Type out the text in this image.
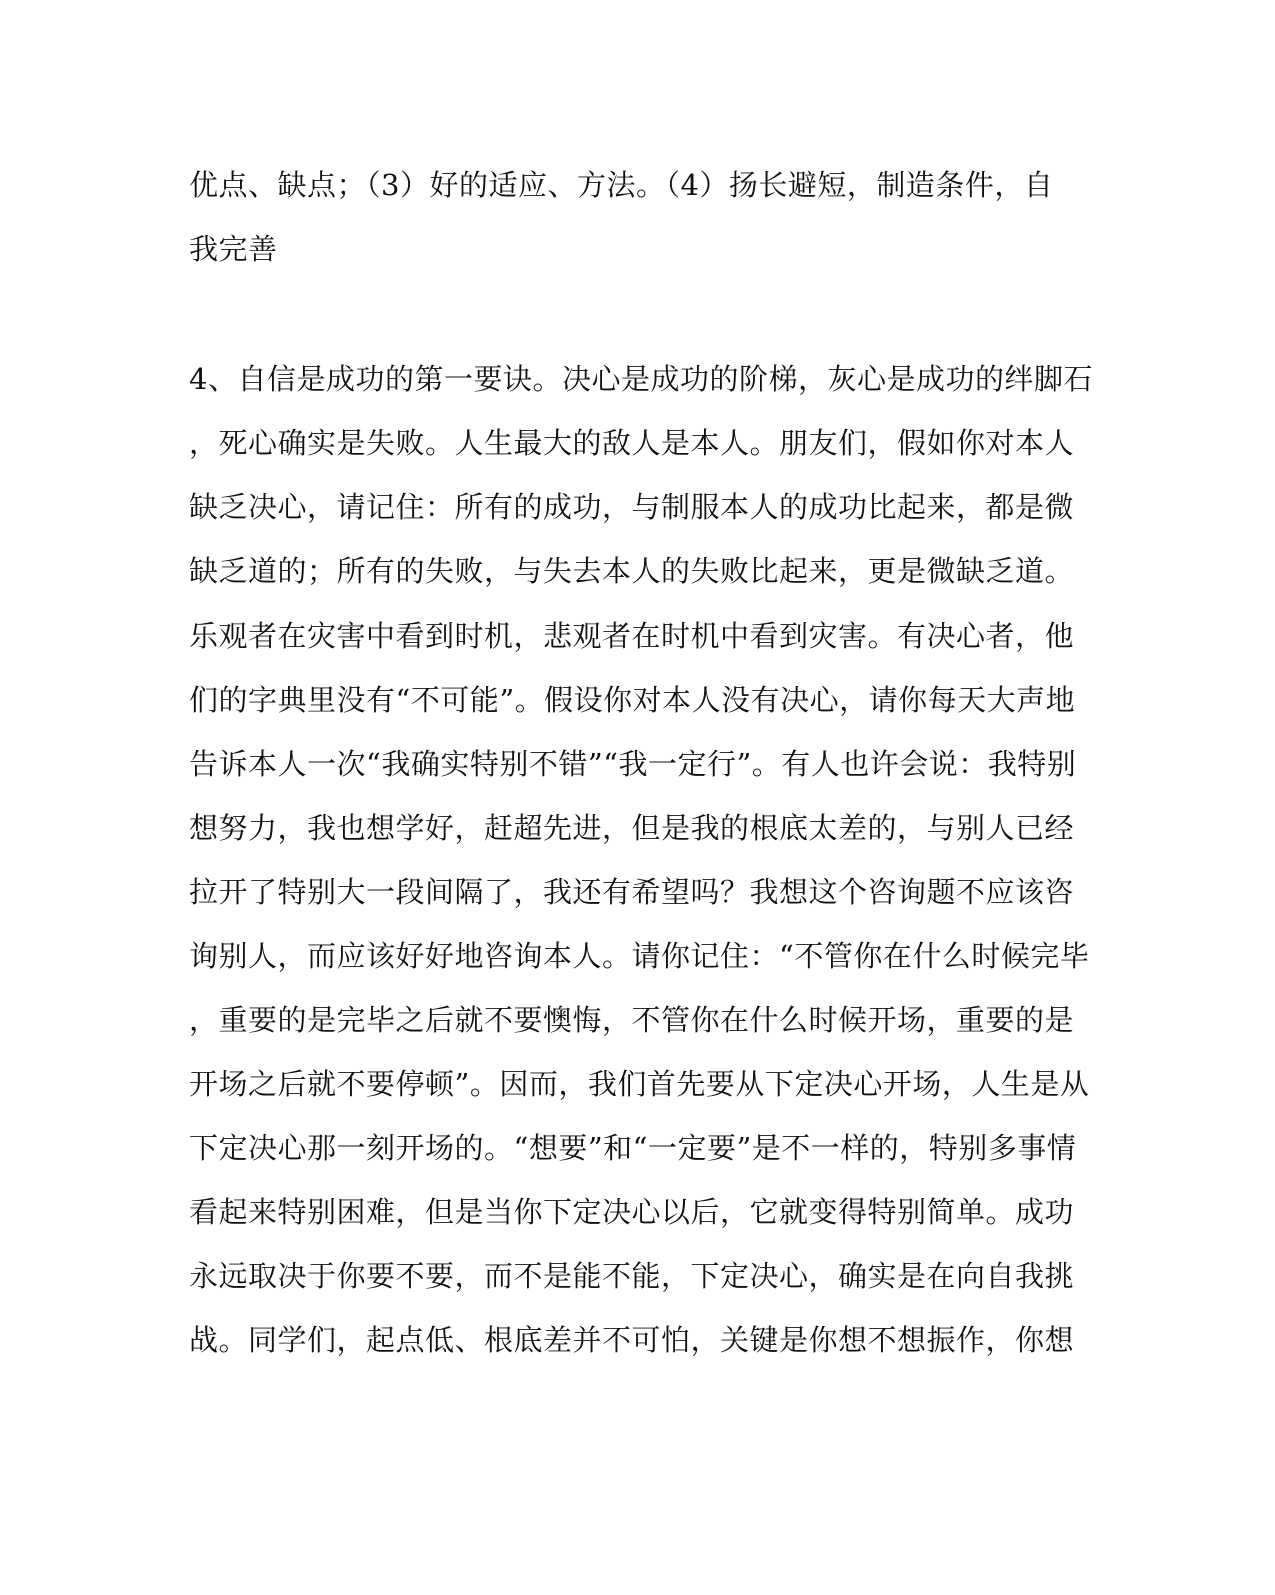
优点、缺点；（3）好的适应、方法。（4）扬长避短，制造条件，自
我完善
4、自信是成功的第一要诀。决心是成功的阶梯，灰心是成功的绊脚石
，死心确实是失败。人生最大的敌人是本人。朋友们，假如你对本人
缺乏决心，请记住：所有的成功，与制服本人的成功比起来，都是微
缺乏道的；所有的失败，与失去本人的失败比起来，更是微缺乏道。
乐观者在灾害中看到时机，悲观者在时机中看到灾害。有决心者，他
们的字典里没有“不可能”。假设你对本人没有决心，请你每天大声地
告诉本人一次“我确实特别不错”“我一定行”。有人也许会说：我特别
想努力，我也想学好，赶超先进，但是我的根底太差的，与别人已经
拉开了特别大一段间隔了，我还有希望吗？我想这个咨询题不应该咨
询别人，而应该好好地咨询本人。请你记住：“不管你在什么时候完毕
，重要的是完毕之后就不要懊悔，不管你在什么时候开场，重要的是
开场之后就不要停顿”。因而，我们首先要从下定决心开场，人生是从
下定决心那一刻开场的。“想要”和“一定要”是不一样的，特别多事情
看起来特别困难，但是当你下定决心以后，它就变得特别简单。成功
永远取决于你要不要，而不是能不能，下定决心，确实是在向自我挑
战。同学们，起点低、根底差并不可怕，关键是你想不想振作，你想
